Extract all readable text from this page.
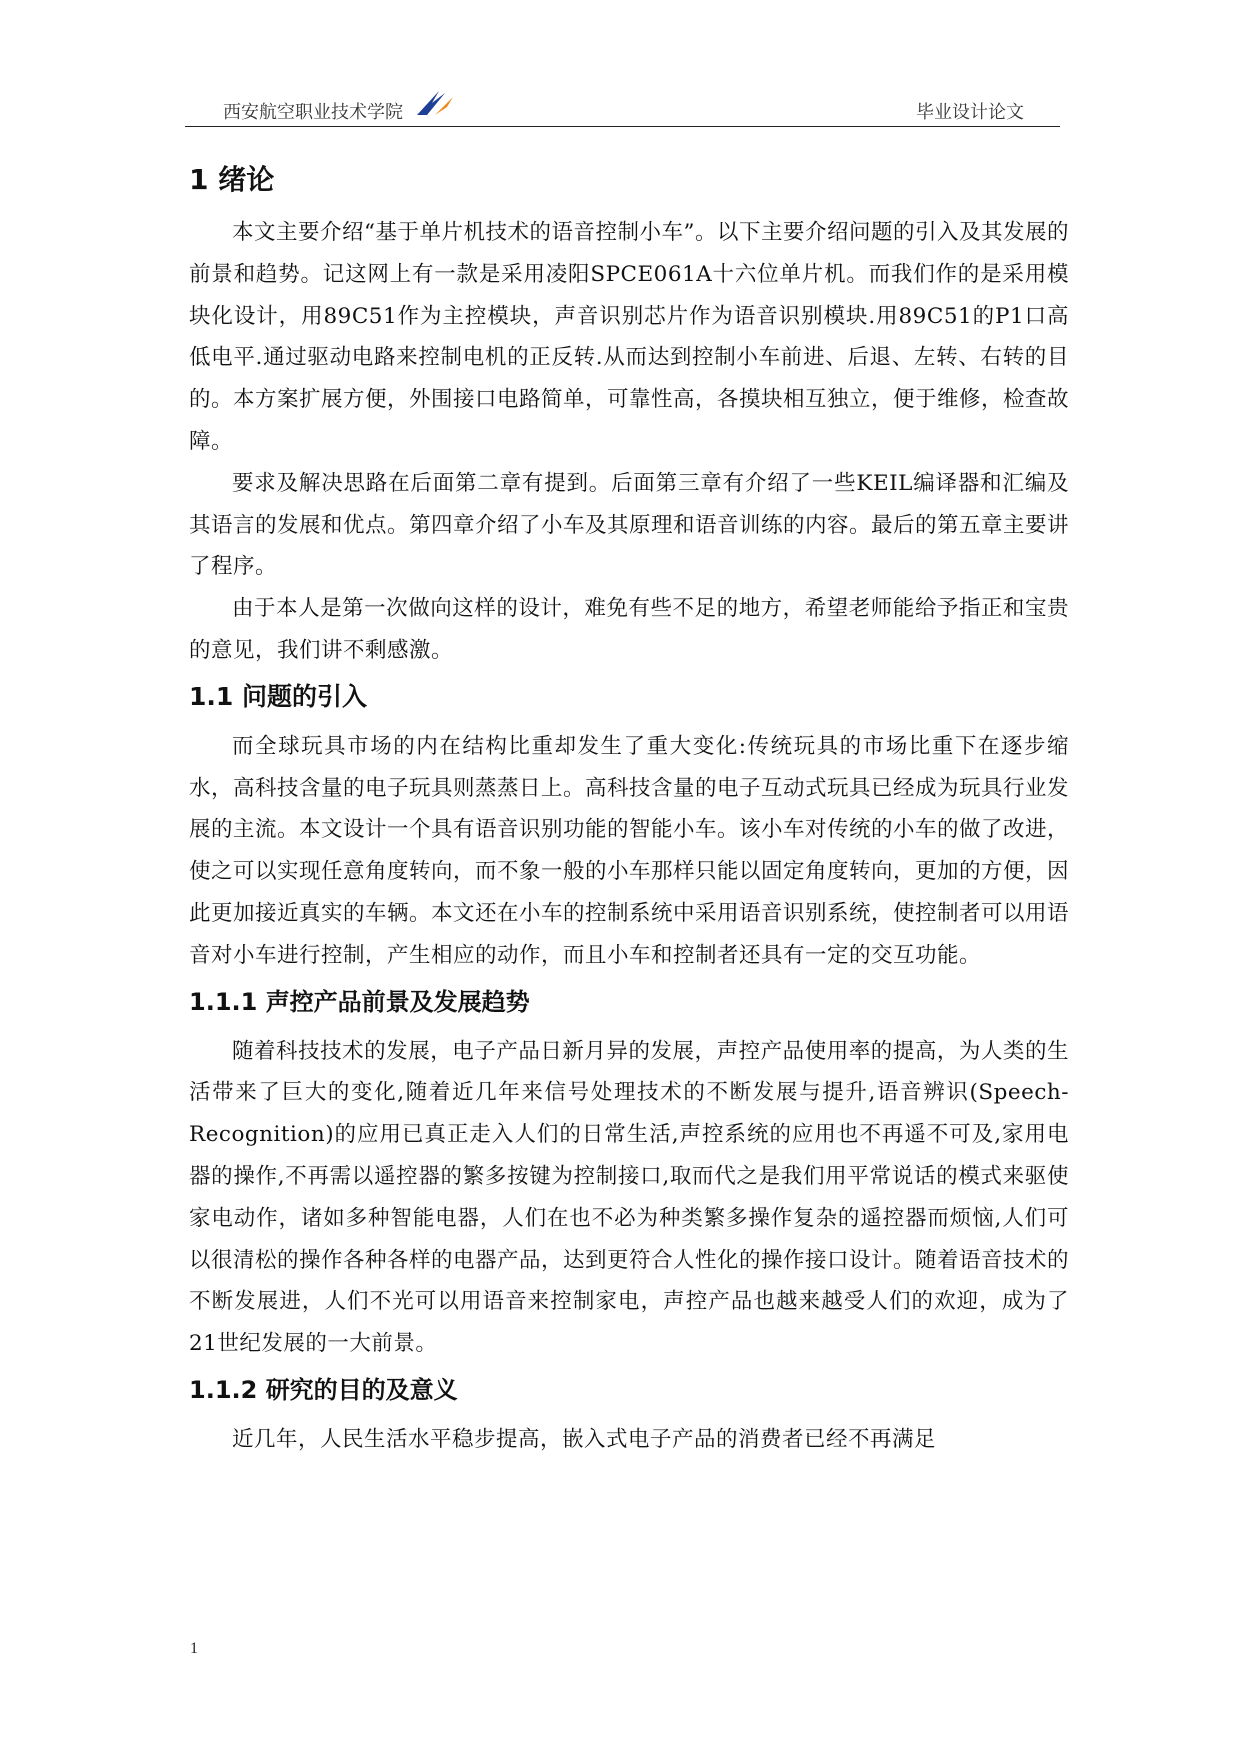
西安航空职业技术学院	毕业设计论文
1 绪论

本文主要介绍“基于单片机技术的语音控制小车”。以下主要介绍问题的引入及其发展的前景和趋势。记这网上有一款是采用凌阳SPCE061A十六位单片机。而我们作的是采用模块化设计，用89C51作为主控模块，声音识别芯片作为语音识别模块.用89C51的P1口高低电平.通过驱动电路来控制电机的正反转.从而达到控制小车前进、后退、左转、右转的目的。本方案扩展方便，外围接口电路简单，可靠性高，各摸块相互独立，便于维修，检查故障。

要求及解决思路在后面第二章有提到。后面第三章有介绍了一些KEIL编译器和汇编及其语言的发展和优点。第四章介绍了小车及其原理和语音训练的内容。最后的第五章主要讲了程序。

由于本人是第一次做向这样的设计，难免有些不足的地方，希望老师能给予指正和宝贵的意见，我们讲不剩感激。

1.1 问题的引入

而全球玩具市场的内在结构比重却发生了重大变化:传统玩具的市场比重下在逐步缩水，高科技含量的电子玩具则蒸蒸日上。高科技含量的电子互动式玩具已经成为玩具行业发展的主流。本文设计一个具有语音识别功能的智能小车。该小车对传统的小车的做了改进，使之可以实现任意角度转向，而不象一般的小车那样只能以固定角度转向，更加的方便，因此更加接近真实的车辆。本文还在小车的控制系统中采用语音识别系统，使控制者可以用语音对小车进行控制，产生相应的动作，而且小车和控制者还具有一定的交互功能。

1.1.1 声控产品前景及发展趋势

随着科技技术的发展，电子产品日新月异的发展，声控产品使用率的提高，为人类的生活带来了巨大的变化,随着近几年来信号处理技术的不断发展与提升,语音辨识(Speech-Recognition)的应用已真正走入人们的日常生活,声控系统的应用也不再遥不可及,家用电器的操作,不再需以遥控器的繁多按键为控制接口,取而代之是我们用平常说话的模式来驱使家电动作，诸如多种智能电器，人们在也不必为种类繁多操作复杂的遥控器而烦恼,人们可以很清松的操作各种各样的电器产品，达到更符合人性化的操作接口设计。随着语音技术的不断发展进，人们不光可以用语音来控制家电，声控产品也越来越受人们的欢迎，成为了21世纪发展的一大前景。

1.1.2 研究的目的及意义

近几年，人民生活水平稳步提高，嵌入式电子产品的消费者已经不再满足

1
